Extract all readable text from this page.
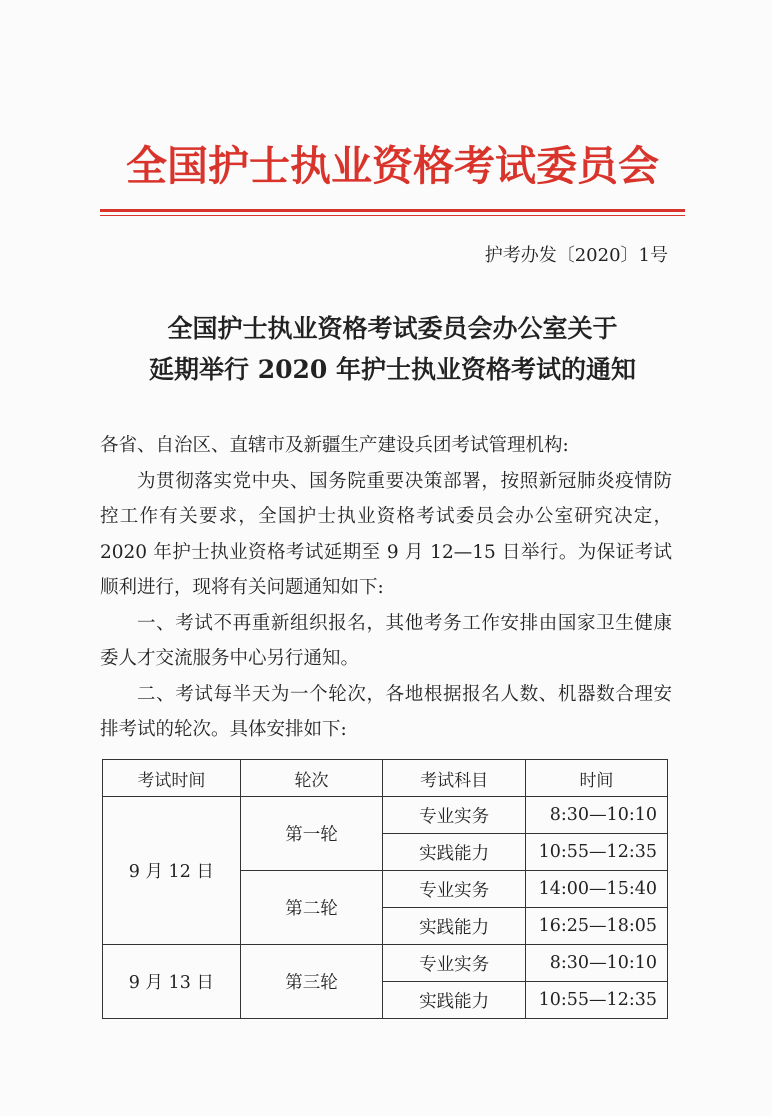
全国护士执业资格考试委员会
护考办发〔2020〕1号
全国护士执业资格考试委员会办公室关于
延期举行 2020 年护士执业资格考试的通知

各省、自治区、直辖市及新疆生产建设兵团考试管理机构:

为贯彻落实党中央、国务院重要决策部署，按照新冠肺炎疫情防控工作有关要求，全国护士执业资格考试委员会办公室研究决定，2020 年护士执业资格考试延期至 9 月 12—15 日举行。为保证考试顺利进行，现将有关问题通知如下:

一、考试不再重新组织报名，其他考务工作安排由国家卫生健康委人才交流服务中心另行通知。

二、考试每半天为一个轮次，各地根据报名人数、机器数合理安排考试的轮次。具体安排如下:

考试时间	轮次	考试科目	时间
9 月 12 日	第一轮	专业实务	8:30—10:10
		实践能力	10:55—12:35
	第二轮	专业实务	14:00—15:40
		实践能力	16:25—18:05
9 月 13 日	第三轮	专业实务	8:30—10:10
		实践能力	10:55—12:35
